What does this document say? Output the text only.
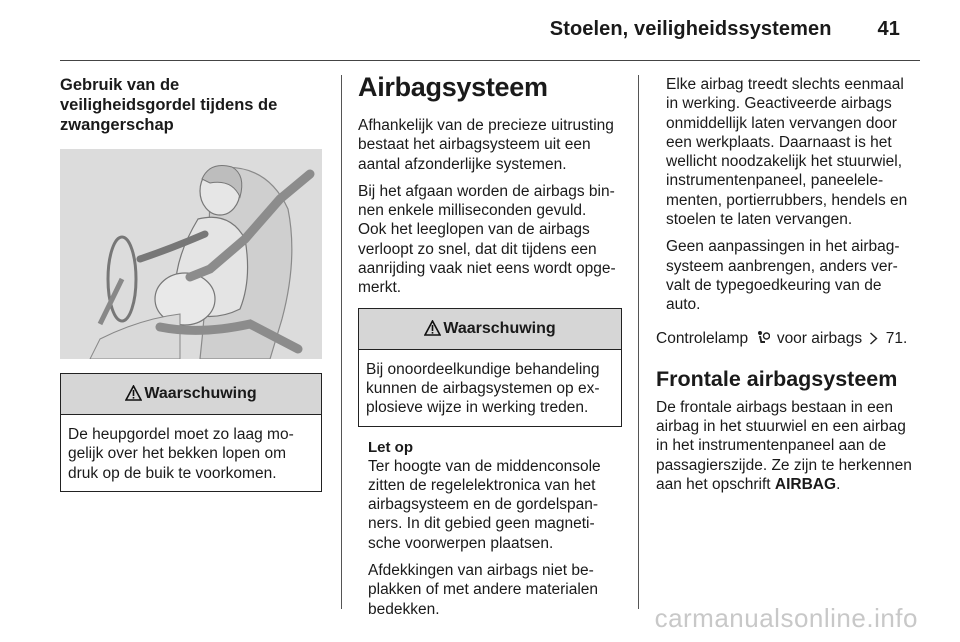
Stoelen, veiligheidssystemen 41
Gebruik van de
veiligheidsgordel tijdens de
zwangerschap
Waarschuwing
De heupgordel moet zo laag mo-
gelijk over het bekken lopen om
druk op de buik te voorkomen.
Airbagsysteem
Afhankelijk van de precieze uitrusting
bestaat het airbagsysteem uit een
aantal afzonderlijke systemen.
Bij het afgaan worden de airbags bin-
nen enkele milliseconden gevuld.
Ook het leeglopen van de airbags
verloopt zo snel, dat dit tijdens een
aanrijding vaak niet eens wordt opge-
merkt.
Waarschuwing
Bij onoordeelkundige behandeling
kunnen de airbagsystemen op ex-
plosieve wijze in werking treden.
Let op
Ter hoogte van de middenconsole
zitten de regelelektronica van het
airbagsysteem en de gordelspan-
ners. In dit gebied geen magneti-
sche voorwerpen plaatsen.
Afdekkingen van airbags niet be-
plakken of met andere materialen
bedekken.
Elke airbag treedt slechts eenmaal
in werking. Geactiveerde airbags
onmiddellijk laten vervangen door
een werkplaats. Daarnaast is het
wellicht noodzakelijk het stuurwiel,
instrumentenpaneel, paneelele-
menten, portierrubbers, hendels en
stoelen te laten vervangen.
Geen aanpassingen in het airbag-
systeem aanbrengen, anders ver-
valt de typegoedkeuring van de
auto.
Controlelamp voor airbags 71.
Frontale airbagsysteem
De frontale airbags bestaan in een
airbag in het stuurwiel en een airbag
in het instrumentenpaneel aan de
passagierszijde. Ze zijn te herkennen
aan het opschrift AIRBAG.
carmanualsonline.info
